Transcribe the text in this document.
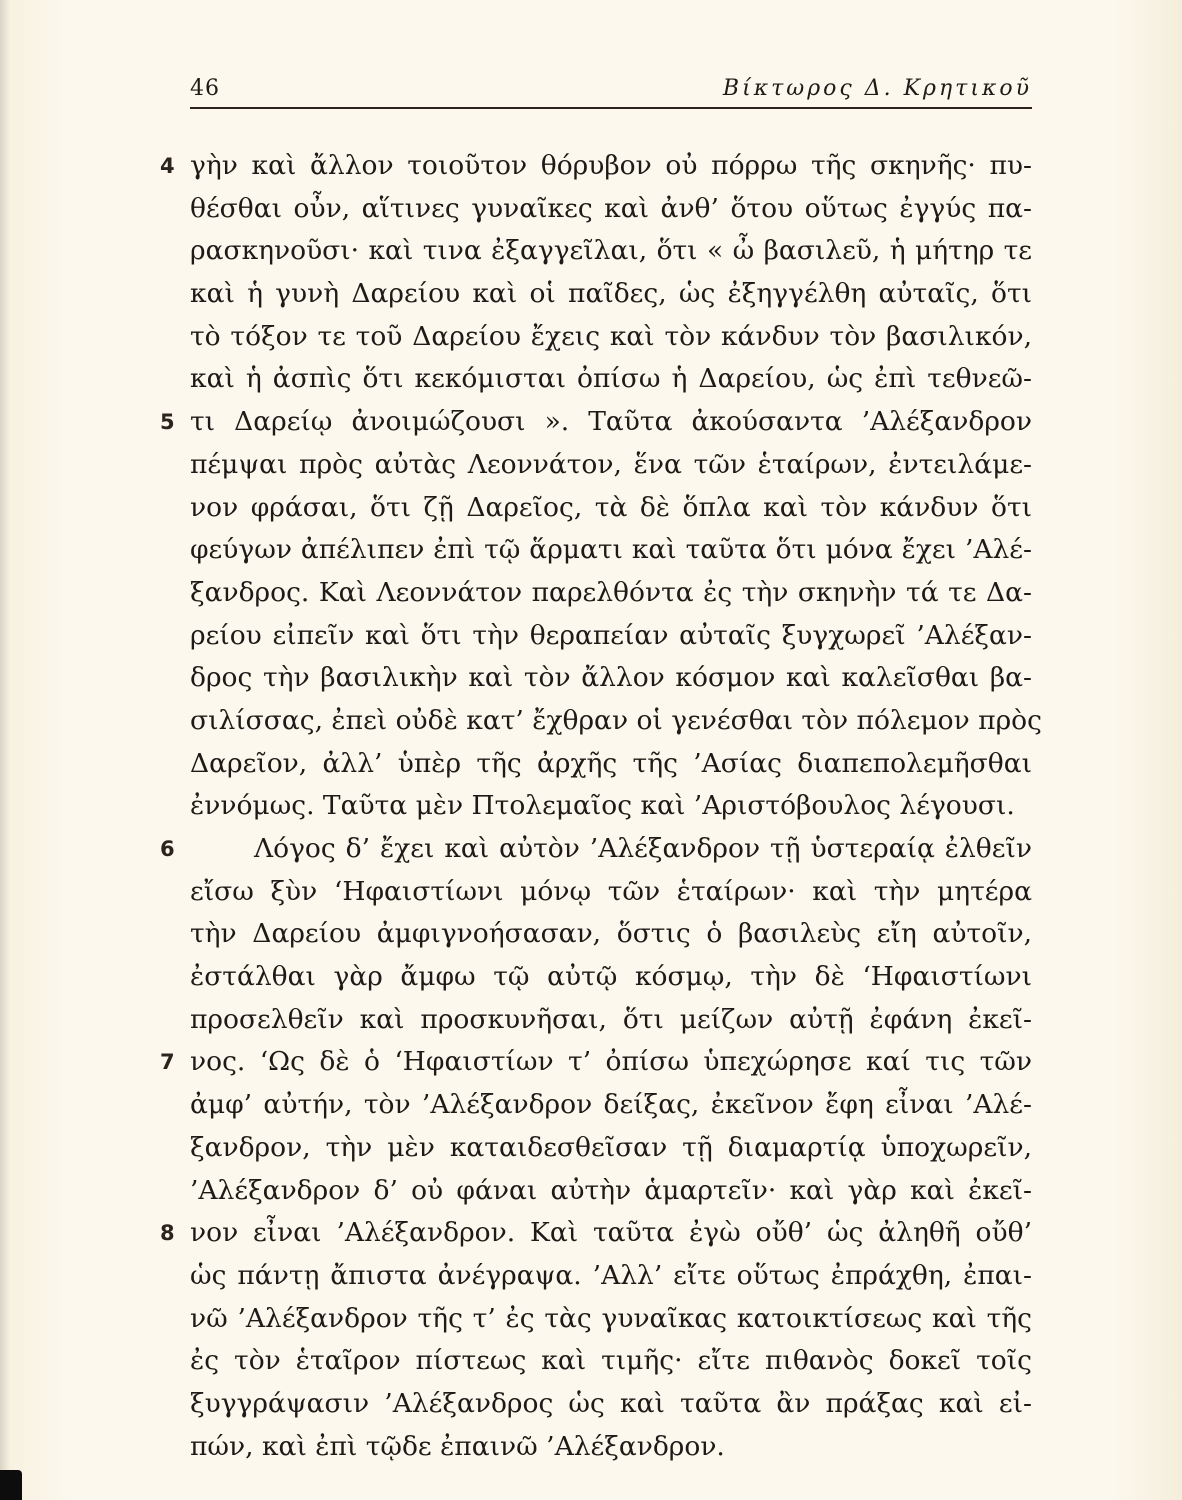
46	Βίκτωρος Δ. Κρητικοῦ
4 γὴν καὶ ἄλλον τοιοῦτον θόρυβον οὐ πόρρω τῆς σκηνῆς· πυ-
θέσθαι οὖν, αἵτινες γυναῖκες καὶ ἀνθ’ ὅτου οὕτως ἐγγύς πα-
ρασκηνοῦσι· καὶ τινα ἐξαγγεῖλαι, ὅτι « ὦ βασιλεῦ, ἡ μήτηρ τε
καὶ ἡ γυνὴ Δαρείου καὶ οἱ παῖδες, ὡς ἐξηγγέλθη αὐταῖς, ὅτι
τὸ τόξον τε τοῦ Δαρείου ἔχεις καὶ τὸν κάνδυν τὸν βασιλικόν,
καὶ ἡ ἀσπὶς ὅτι κεκόμισται ὀπίσω ἡ Δαρείου, ὡς ἐπὶ τεθνεῶ-
5 τι Δαρείῳ ἀνοιμώζουσι ». Ταῦτα ἀκούσαντα ’Αλέξανδρον
πέμψαι πρὸς αὐτὰς Λεοννάτον, ἕνα τῶν ἑταίρων, ἐντειλάμε-
νον φράσαι, ὅτι ζῇ Δαρεῖος, τὰ δὲ ὅπλα καὶ τὸν κάνδυν ὅτι
φεύγων ἀπέλιπεν ἐπὶ τῷ ἅρματι καὶ ταῦτα ὅτι μόνα ἔχει ’Αλέ-
ξανδρος. Καὶ Λεοννάτον παρελθόντα ἐς τὴν σκηνὴν τά τε Δα-
ρείου εἰπεῖν καὶ ὅτι τὴν θεραπείαν αὐταῖς ξυγχωρεῖ ’Αλέξαν-
δρος τὴν βασιλικὴν καὶ τὸν ἄλλον κόσμον καὶ καλεῖσθαι βα-
σιλίσσας, ἐπεὶ οὐδὲ κατ’ ἔχθραν οἱ γενέσθαι τὸν πόλεμον πρὸς
Δαρεῖον, ἀλλ’ ὑπὲρ τῆς ἀρχῆς τῆς ’Ασίας διαπεπολεμῆσθαι
ἐννόμως. Ταῦτα μὲν Πτολεμαῖος καὶ ’Αριστόβουλος λέγουσι.
6	Λόγος δ’ ἔχει καὶ αὐτὸν ’Αλέξανδρον τῇ ὑστεραίᾳ ἐλθεῖν
εἴσω ξὺν ‘Ηφαιστίωνι μόνῳ τῶν ἑταίρων· καὶ τὴν μητέρα
τὴν Δαρείου ἀμφιγνοήσασαν, ὅστις ὁ βασιλεὺς εἴη αὐτοῖν,
ἐστάλθαι γὰρ ἄμφω τῷ αὐτῷ κόσμῳ, τὴν δὲ ‘Ηφαιστίωνι
προσελθεῖν καὶ προσκυνῆσαι, ὅτι μείζων αὐτῇ ἐφάνη ἐκεῖ-
7 νος. ‘Ως δὲ ὁ ‘Ηφαιστίων τ’ ὀπίσω ὑπεχώρησε καί τις τῶν
ἀμφ’ αὐτήν, τὸν ’Αλέξανδρον δείξας, ἐκεῖνον ἔφη εἶναι ’Αλέ-
ξανδρον, τὴν μὲν καταιδεσθεῖσαν τῇ διαμαρτίᾳ ὑποχωρεῖν,
’Αλέξανδρον δ’ οὐ φάναι αὐτὴν ἁμαρτεῖν· καὶ γὰρ καὶ ἐκεῖ-
8 νον εἶναι ’Αλέξανδρον. Καὶ ταῦτα ἐγὼ οὔθ’ ὡς ἀληθῆ οὔθ’
ὡς πάντῃ ἄπιστα ἀνέγραψα. ’Αλλ’ εἴτε οὕτως ἐπράχθη, ἐπαι-
νῶ ’Αλέξανδρον τῆς τ’ ἐς τὰς γυναῖκας κατοικτίσεως καὶ τῆς
ἐς τὸν ἑταῖρον πίστεως καὶ τιμῆς· εἴτε πιθανὸς δοκεῖ τοῖς
ξυγγράψασιν ’Αλέξανδρος ὡς καὶ ταῦτα ἂν πράξας καὶ εἰ-
πών, καὶ ἐπὶ τῷδε ἐπαινῶ ’Αλέξανδρον.
